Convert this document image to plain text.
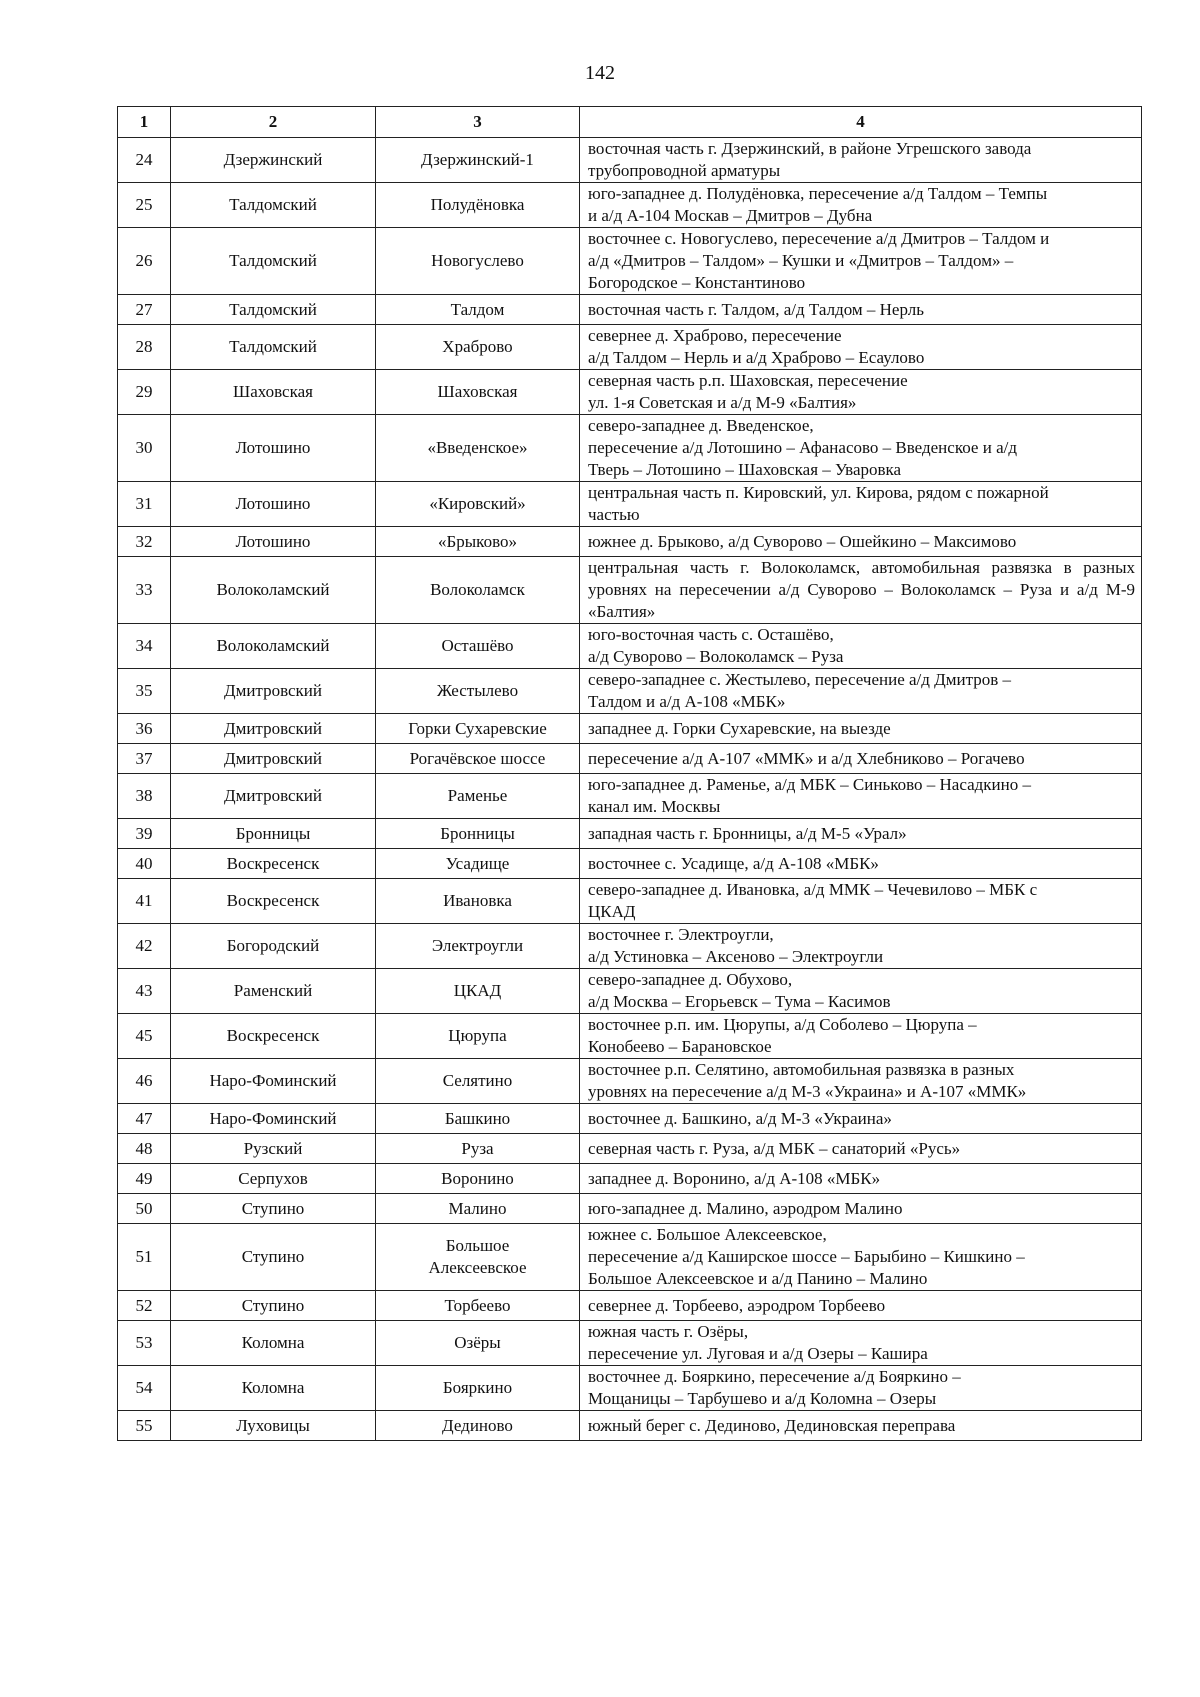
142
1	2	3	4
24	Дзержинский	Дзержинский-1	восточная часть г. Дзержинский, в районе Угрешского завода
трубопроводной арматуры
25	Талдомский	Полудёновка	юго-западнее д. Полудёновка, пересечение а/д Талдом – Темпы
и а/д А-104 Москав – Дмитров – Дубна
26	Талдомский	Новогуслево	восточнее с. Новогуслево, пересечение а/д Дмитров – Талдом и
а/д «Дмитров – Талдом» – Кушки и «Дмитров – Талдом» –
Богородское – Константиново
27	Талдомский	Талдом	восточная часть г. Талдом, а/д Талдом – Нерль
28	Талдомский	Храброво	севернее д. Храброво, пересечение
а/д Талдом – Нерль и а/д Храброво – Есаулово
29	Шаховская	Шаховская	северная часть р.п. Шаховская, пересечение
ул. 1-я Советская и а/д М-9 «Балтия»
30	Лотошино	«Введенское»	северо-западнее д. Введенское,
пересечение а/д Лотошино – Афанасово – Введенское и а/д
Тверь – Лотошино – Шаховская – Уваровка
31	Лотошино	«Кировский»	центральная часть п. Кировский, ул. Кирова, рядом с пожарной
частью
32	Лотошино	«Брыково»	южнее д. Брыково, а/д Суворово – Ошейкино – Максимово
33	Волоколамский	Волоколамск	центральная часть г. Волоколамск, автомобильная развязка в разных уровнях на пересечении а/д Суворово – Волоколамск – Руза и а/д М-9 «Балтия»
34	Волоколамский	Осташёво	юго-восточная часть с. Осташёво,
а/д Суворово – Волоколамск – Руза
35	Дмитровский	Жестылево	северо-западнее с. Жестылево, пересечение а/д Дмитров –
Талдом и а/д А-108 «МБК»
36	Дмитровский	Горки Сухаревские	западнее д. Горки Сухаревские, на выезде
37	Дмитровский	Рогачёвское шоссе	пересечение а/д А-107 «ММК» и а/д Хлебниково – Рогачево
38	Дмитровский	Раменье	юго-западнее д. Раменье, а/д МБК – Синьково – Насадкино –
канал им. Москвы
39	Бронницы	Бронницы	западная часть г. Бронницы, а/д М-5 «Урал»
40	Воскресенск	Усадище	восточнее с. Усадище, а/д А-108 «МБК»
41	Воскресенск	Ивановка	северо-западнее д. Ивановка, а/д ММК – Чечевилово – МБК с
ЦКАД
42	Богородский	Электроугли	восточнее г. Электроугли,
а/д Устиновка – Аксеново – Электроугли
43	Раменский	ЦКАД	северо-западнее д. Обухово,
а/д Москва – Егорьевск – Тума – Касимов
45	Воскресенск	Цюрупа	восточнее р.п. им. Цюрупы, а/д Соболево – Цюрупа –
Конобеево – Барановское
46	Наро-Фоминский	Селятино	восточнее р.п. Селятино, автомобильная развязка в разных
уровнях на пересечение а/д М-3 «Украина» и А-107 «ММК»
47	Наро-Фоминский	Башкино	восточнее д. Башкино, а/д М-3 «Украина»
48	Рузский	Руза	северная часть г. Руза, а/д МБК – санаторий «Русь»
49	Серпухов	Воронино	западнее д. Воронино, а/д А-108 «МБК»
50	Ступино	Малино	юго-западнее д. Малино, аэродром Малино
51	Ступино	Большое
Алексеевское	южнее с. Большое Алексеевское,
пересечение а/д Каширское шоссе – Барыбино – Кишкино –
Большое Алексеевское и а/д Панино – Малино
52	Ступино	Торбеево	севернее д. Торбеево, аэродром Торбеево
53	Коломна	Озёры	южная часть г. Озёры,
пересечение ул. Луговая и а/д Озеры – Кашира
54	Коломна	Бояркино	восточнее д. Бояркино, пересечение а/д Бояркино –
Мощаницы – Тарбушево и а/д Коломна – Озеры
55	Луховицы	Дединово	южный берег с. Дединово, Дединовская переправа
